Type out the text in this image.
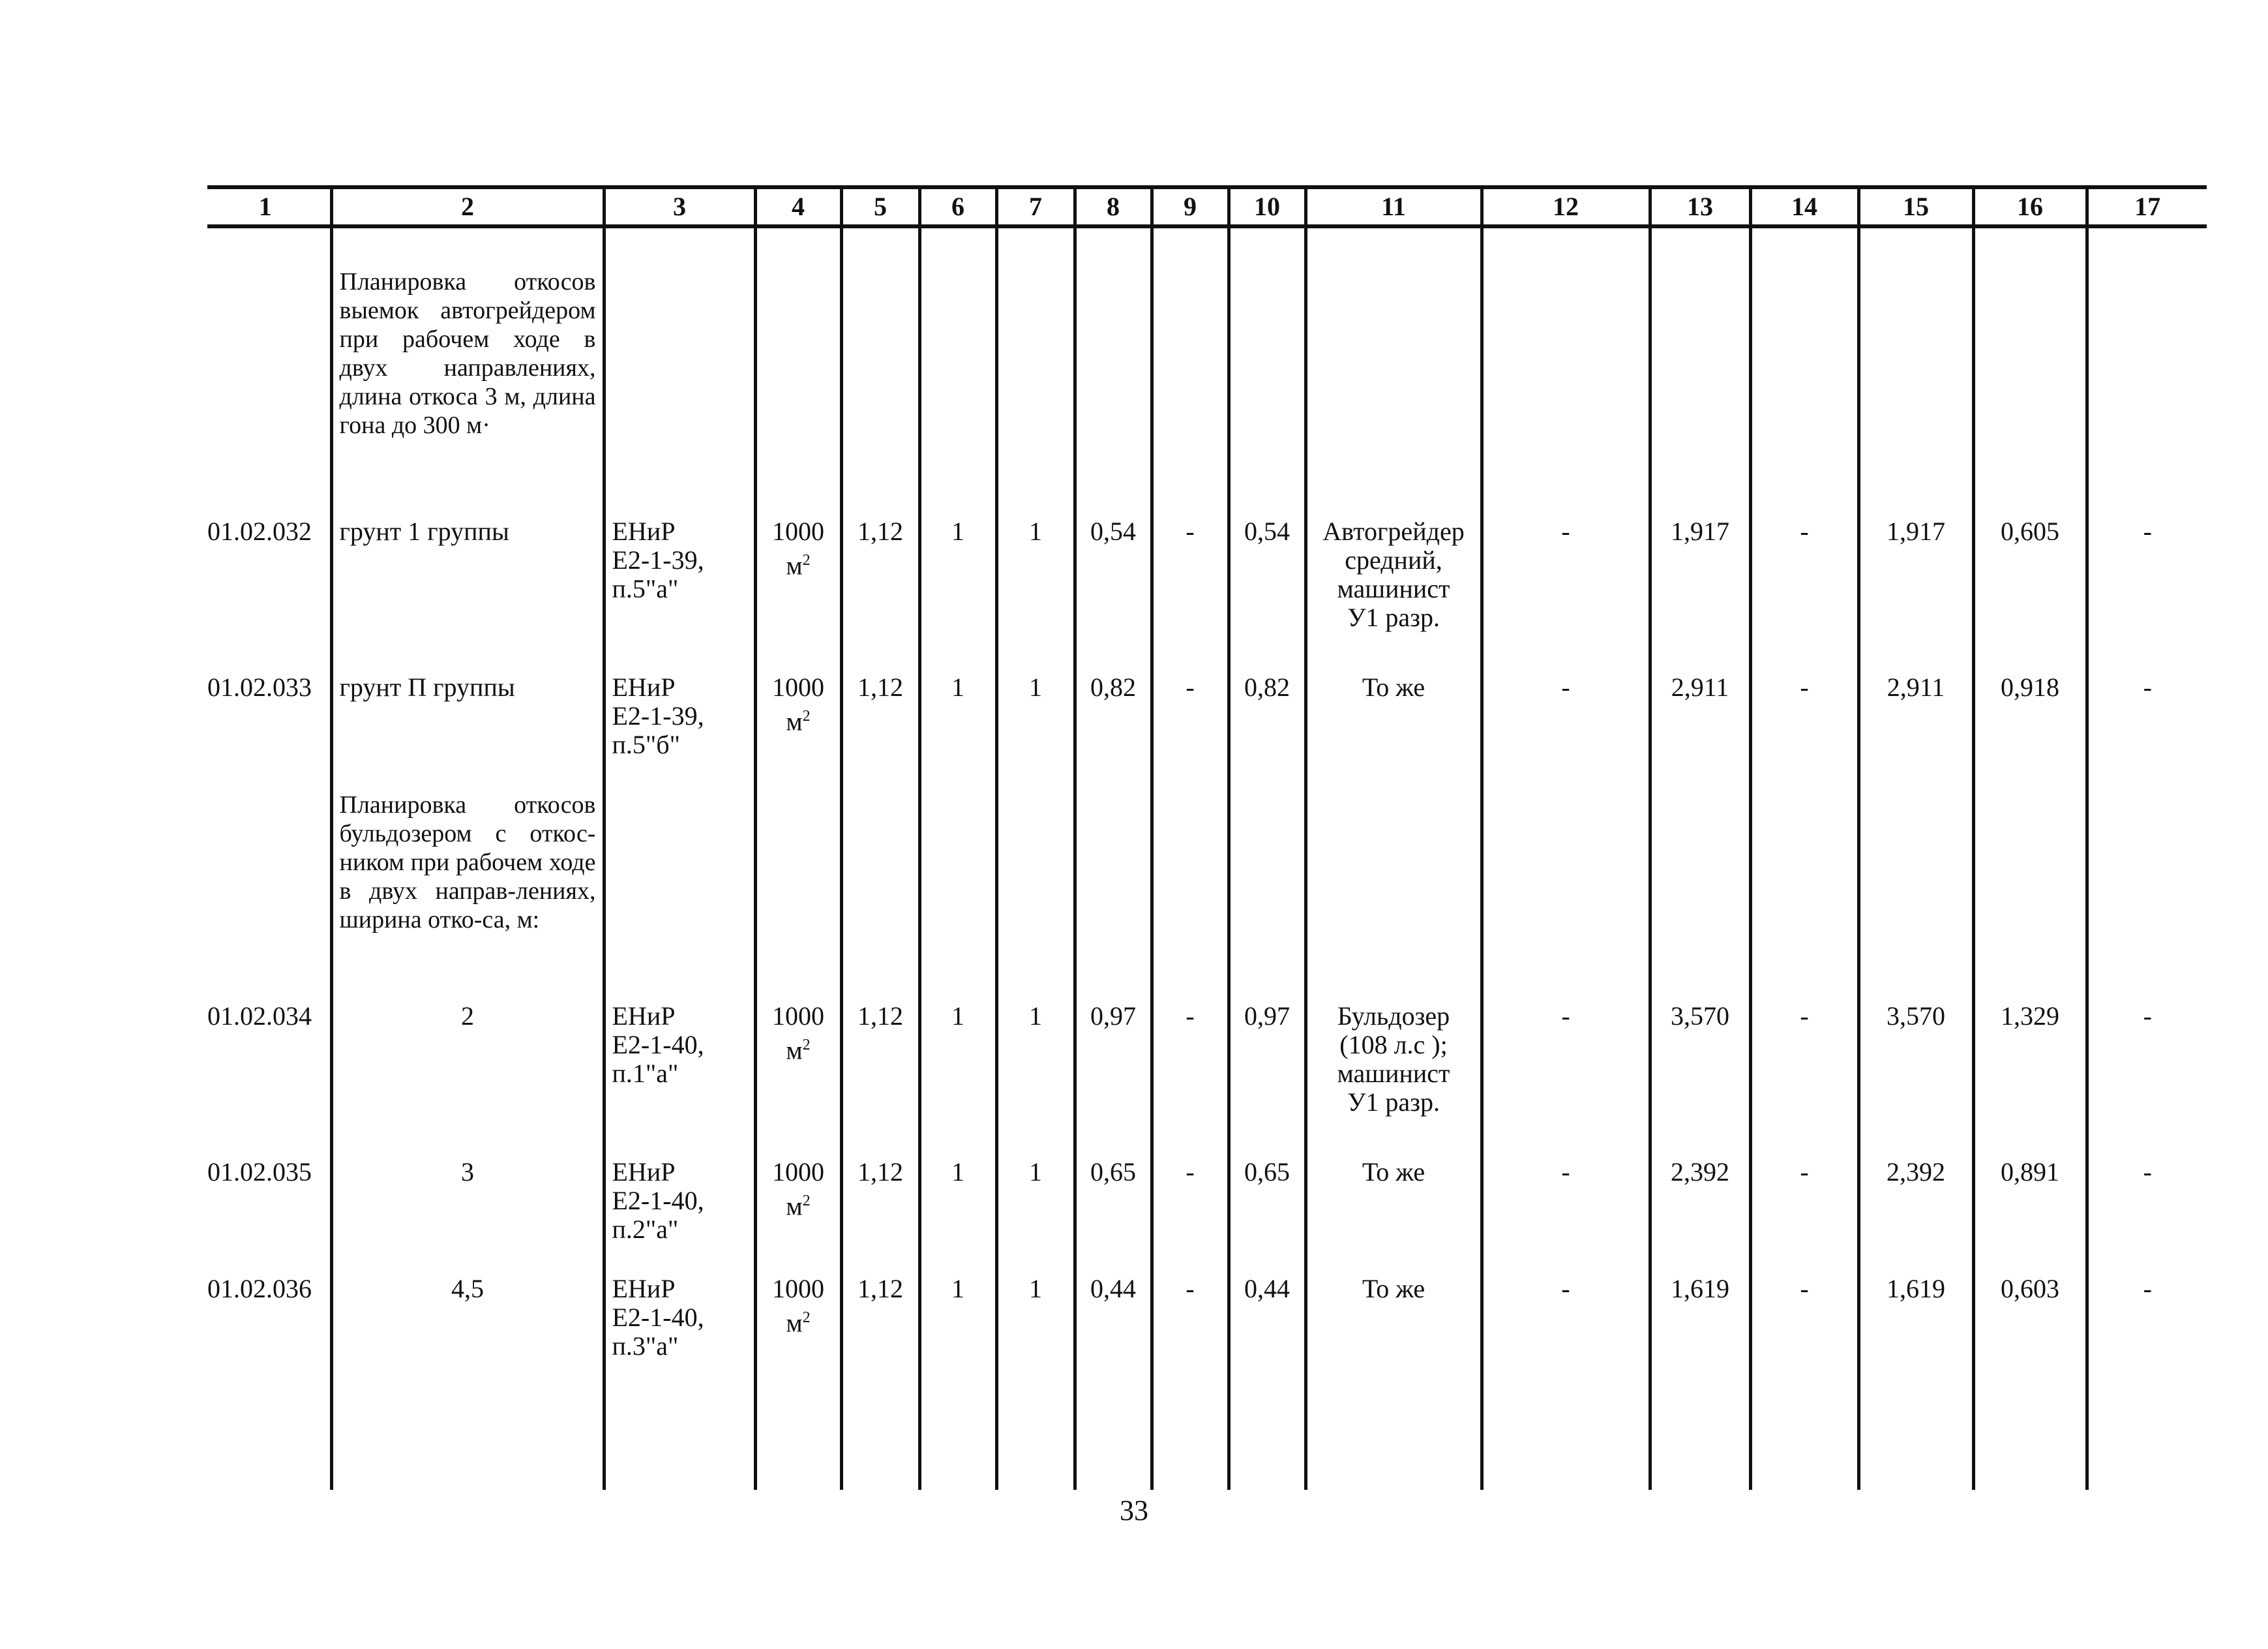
1	2	3	4	5	6	7	8	9	10	11	12	13	14	15	16	17
	Планировка откосов выемок автогрейдером при рабочем ходе в двух направлениях, длина откоса 3 м, длина гона до 300 м·															
01.02.032	грунт 1 группы	ЕНиР
Е2-1-39,
п.5"а"	1000
$м^2$	1,12	1	1	0,54	-	0,54	Автогрейдер
средний,
машинист
У1 разр.	-	1,917	-	1,917	0,605	-
01.02.033	грунт П группы	ЕНиР
Е2-1-39,
п.5"б"	1000
$м^2$	1,12	1	1	0,82	-	0,82	То же	-	2,911	-	2,911	0,918	-
	Планировка откосов бульдозером с откос-ником при рабочем ходе в двух направ-лениях, ширина отко-са, м:															
01.02.034	2	ЕНиР
Е2-1-40,
п.1"а"	1000
$м^2$	1,12	1	1	0,97	-	0,97	Бульдозер
(108 л.с );
машинист
У1 разр.	-	3,570	-	3,570	1,329	-
01.02.035	3	ЕНиР
Е2-1-40,
п.2"а"	1000
$м^2$	1,12	1	1	0,65	-	0,65	То же	-	2,392	-	2,392	0,891	-
01.02.036	4,5	ЕНиР
Е2-1-40,
п.3"а"	1000
$м^2$	1,12	1	1	0,44	-	0,44	То же	-	1,619	-	1,619	0,603	-

33
